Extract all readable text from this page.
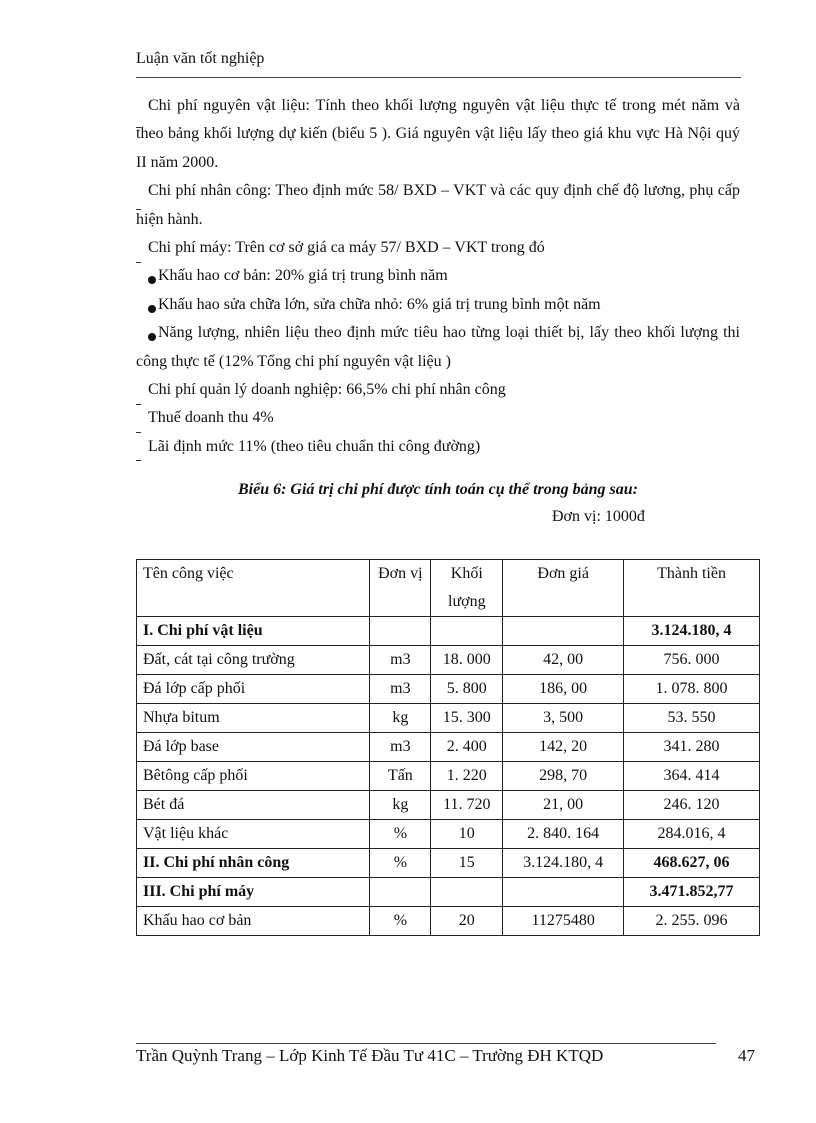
Luận văn tốt nghiệp

Chi phí nguyên vật liệu: Tính theo khối lượng nguyên vật liệu thực tế trong mét năm và theo bảng khối lượng dự kiến (biểu 5 ). Giá nguyên vật liệu lấy theo giá khu vực Hà Nội quý II năm 2000.

Chi phí nhân công: Theo định mức 58/ BXD – VKT và các quy định chế độ lương, phụ cấp hiện hành.

Chi phí máy: Trên cơ sở giá ca máy 57/ BXD – VKT trong đó

Khấu hao cơ bản: 20% giá trị trung bình năm

Khấu hao sửa chữa lớn, sửa chữa nhỏ: 6% giá trị trung bình một năm

Năng lượng, nhiên liệu theo định mức tiêu hao từng loại thiết bị, lấy theo khối lượng thi công thực tế (12% Tổng chi phí nguyên vật liệu )

Chi phí quản lý doanh nghiệp: 66,5% chi phí nhân công

Thuế doanh thu 4%

Lãi định mức 11% (theo tiêu chuẩn thi công đường)

Biểu 6: Giá trị chi phí được tính toán cụ thể trong bảng sau:
Đơn vị: 1000đ
Tên công việc	Đơn vị	Khối lượng	Đơn giá	Thành tiền
I. Chi phí vật liệu				3.124.180, 4
Đất, cát tại công trường	m3	18. 000	42, 00	756. 000
Đá lớp cấp phối	m3	5. 800	186, 00	1. 078. 800
Nhựa bitum	kg	15. 300	3, 500	53. 550
Đá lớp base	m3	2. 400	142, 20	341. 280
Bêtông cấp phối	Tấn	1. 220	298, 70	364. 414
Bét đá	kg	11. 720	21, 00	246. 120
Vật liệu khác	%	10	2. 840. 164	284.016, 4
II. Chi phí nhân công	%	15	3.124.180, 4	468.627, 06
III. Chi phí máy				3.471.852,77
Khấu hao cơ bản	%	20	11275480	2. 255. 096
Trần Quỳnh Trang – Lớp Kinh Tế Đầu Tư 41C – Trường ĐH KTQD	47
